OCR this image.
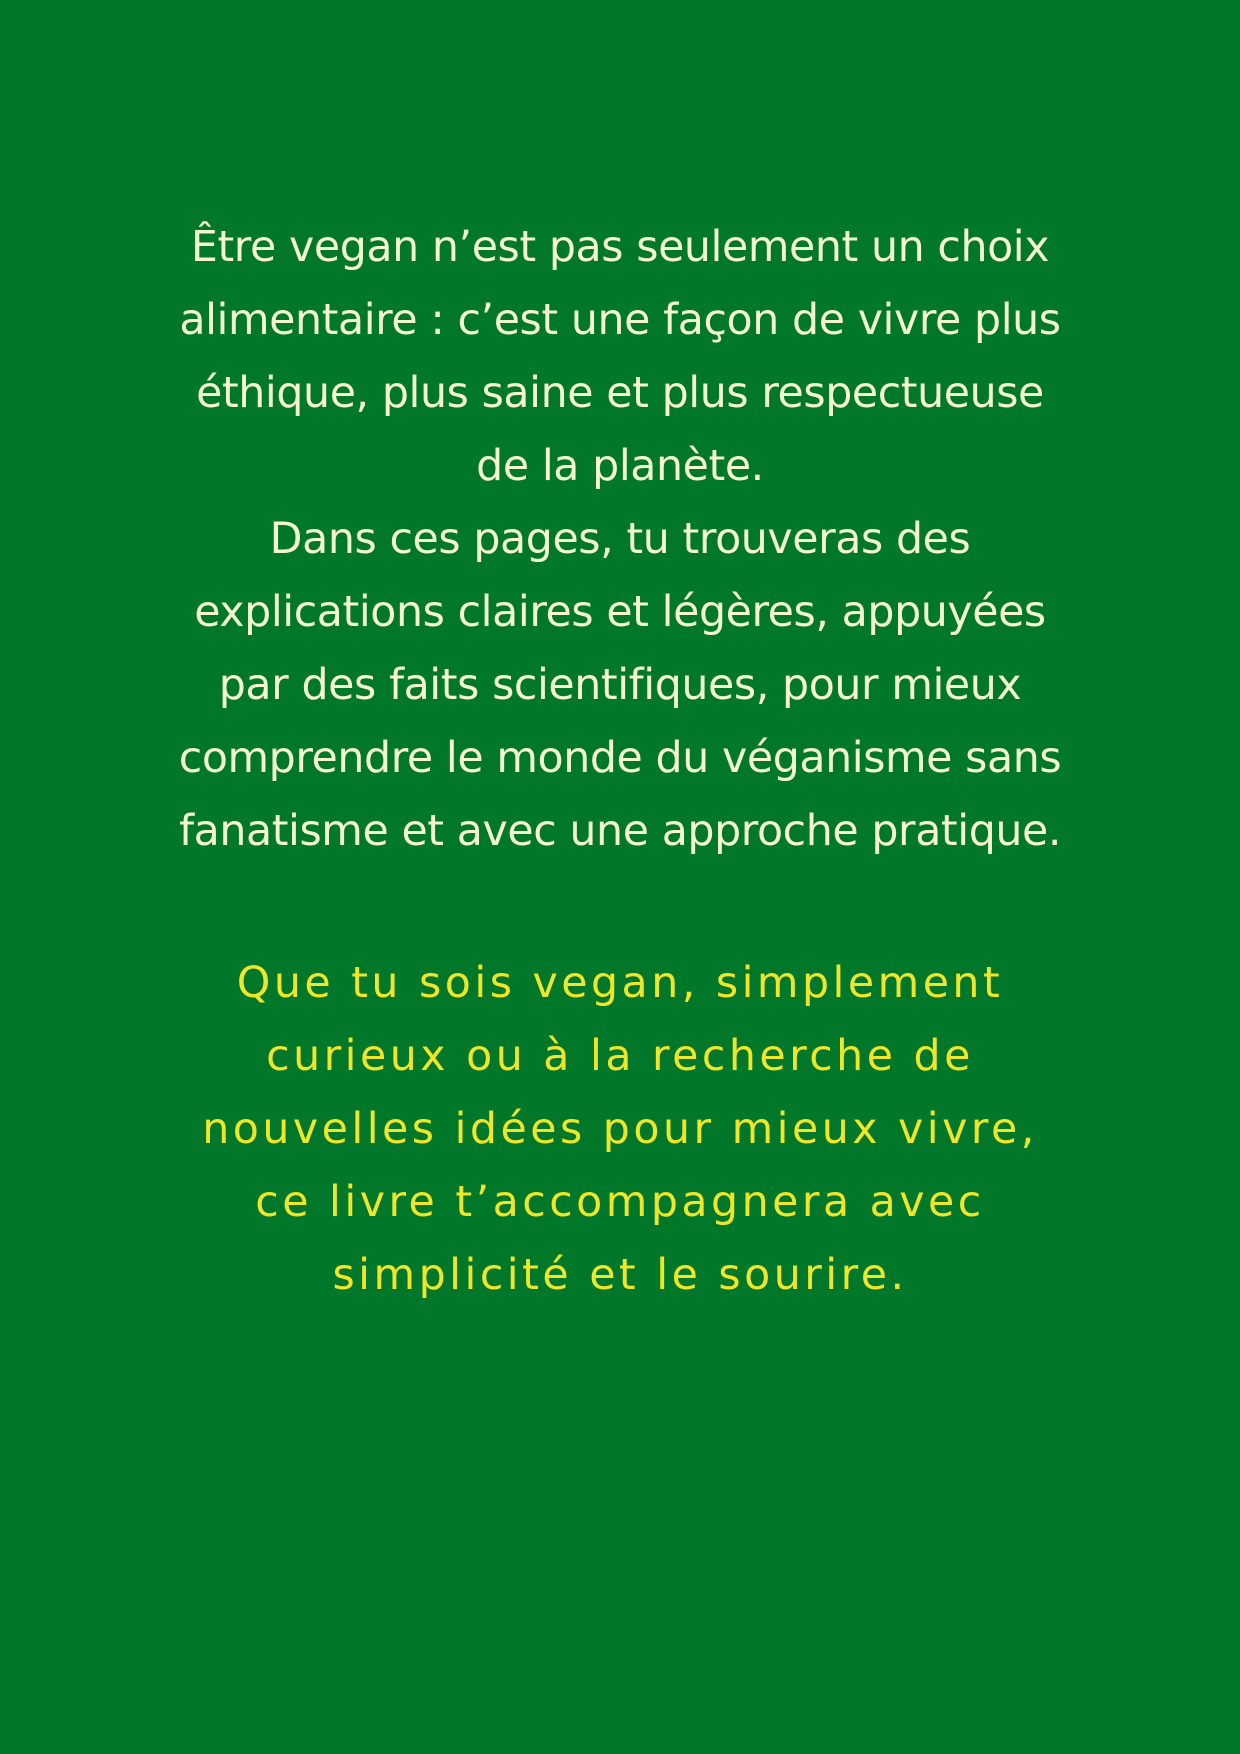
Être vegan n’est pas seulement un choix
alimentaire : c’est une façon de vivre plus
éthique, plus saine et plus respectueuse
de la planète.
Dans ces pages, tu trouveras des
explications claires et légères, appuyées
par des faits scientifiques, pour mieux
comprendre le monde du véganisme sans
fanatisme et avec une approche pratique.
Que tu sois vegan, simplement
curieux ou à la recherche de
nouvelles idées pour mieux vivre,
ce livre t’accompagnera avec
simplicité et le sourire.
